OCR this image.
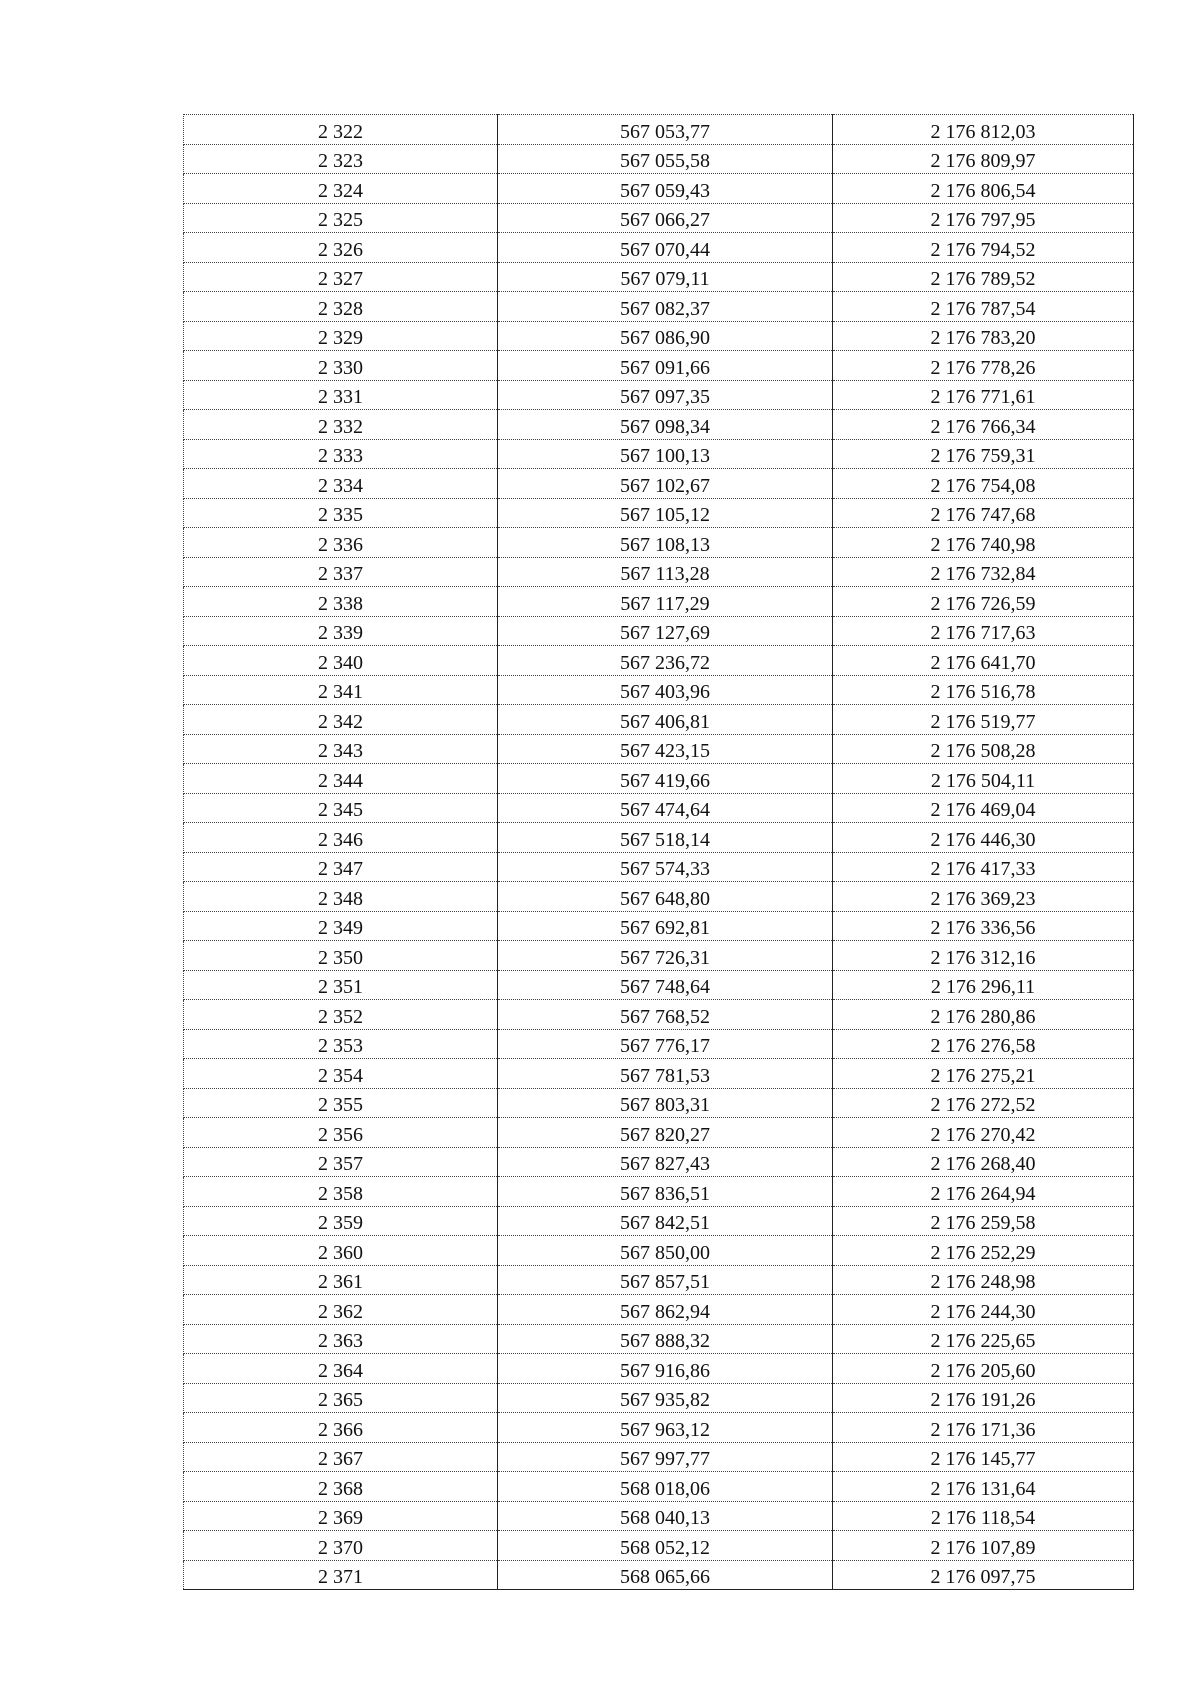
2 322	567 053,77	2 176 812,03
2 323	567 055,58	2 176 809,97
2 324	567 059,43	2 176 806,54
2 325	567 066,27	2 176 797,95
2 326	567 070,44	2 176 794,52
2 327	567 079,11	2 176 789,52
2 328	567 082,37	2 176 787,54
2 329	567 086,90	2 176 783,20
2 330	567 091,66	2 176 778,26
2 331	567 097,35	2 176 771,61
2 332	567 098,34	2 176 766,34
2 333	567 100,13	2 176 759,31
2 334	567 102,67	2 176 754,08
2 335	567 105,12	2 176 747,68
2 336	567 108,13	2 176 740,98
2 337	567 113,28	2 176 732,84
2 338	567 117,29	2 176 726,59
2 339	567 127,69	2 176 717,63
2 340	567 236,72	2 176 641,70
2 341	567 403,96	2 176 516,78
2 342	567 406,81	2 176 519,77
2 343	567 423,15	2 176 508,28
2 344	567 419,66	2 176 504,11
2 345	567 474,64	2 176 469,04
2 346	567 518,14	2 176 446,30
2 347	567 574,33	2 176 417,33
2 348	567 648,80	2 176 369,23
2 349	567 692,81	2 176 336,56
2 350	567 726,31	2 176 312,16
2 351	567 748,64	2 176 296,11
2 352	567 768,52	2 176 280,86
2 353	567 776,17	2 176 276,58
2 354	567 781,53	2 176 275,21
2 355	567 803,31	2 176 272,52
2 356	567 820,27	2 176 270,42
2 357	567 827,43	2 176 268,40
2 358	567 836,51	2 176 264,94
2 359	567 842,51	2 176 259,58
2 360	567 850,00	2 176 252,29
2 361	567 857,51	2 176 248,98
2 362	567 862,94	2 176 244,30
2 363	567 888,32	2 176 225,65
2 364	567 916,86	2 176 205,60
2 365	567 935,82	2 176 191,26
2 366	567 963,12	2 176 171,36
2 367	567 997,77	2 176 145,77
2 368	568 018,06	2 176 131,64
2 369	568 040,13	2 176 118,54
2 370	568 052,12	2 176 107,89
2 371	568 065,66	2 176 097,75
